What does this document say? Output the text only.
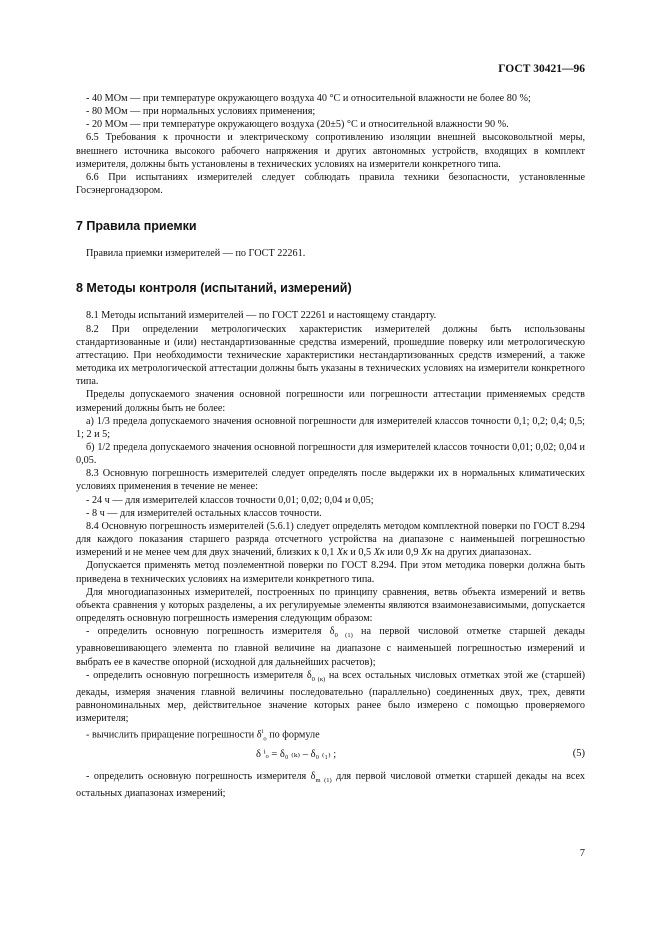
ГОСТ 30421—96

- 40 МОм — при температуре окружающего воздуха 40 °С и относительной влажности не более 80 %;

- 80 МОм — при нормальных условиях применения;

- 20 МОм — при температуре окружающего воздуха (20±5) °С и относительной влажности 90 %.

6.5 Требования к прочности и электрическому сопротивлению изоляции внешней высоковольтной меры, внешнего источника высокого рабочего напряжения и других автономных устройств, входящих в комплект измерителя, должны быть установлены в технических условиях на измерители конкретного типа.

6.6 При испытаниях измерителей следует соблюдать правила техники безопасности, установленные Госэнергонадзором.

7 Правила приемки

Правила приемки измерителей — по ГОСТ 22261.

8 Методы контроля (испытаний, измерений)

8.1 Методы испытаний измерителей — по ГОСТ 22261 и настоящему стандарту.

8.2 При определении метрологических характеристик измерителей должны быть использованы стандартизованные и (или) нестандартизованные средства измерений, прошедшие поверку или метрологическую аттестацию. При необходимости технические характеристики нестандартизованных средств измерений, а также методика их метрологической аттестации должны быть указаны в технических условиях на измерители конкретного типа.

Пределы допускаемого значения основной погрешности или погрешности аттестации применяемых средств измерений должны быть не более:

а) 1/3 предела допускаемого значения основной погрешности для измерителей классов точности 0,1; 0,2; 0,4; 0,5; 1; 2 и 5;

б) 1/2 предела допускаемого значения основной погрешности для измерителей классов точности 0,01; 0,02; 0,04 и 0,05.

8.3 Основную погрешность измерителей следует определять после выдержки их в нормальных климатических условиях применения в течение не менее:

- 24 ч — для измерителей классов точности 0,01; 0,02; 0,04 и 0,05;

- 8 ч — для измерителей остальных классов точности.

8.4 Основную погрешность измерителей (5.6.1) следует определять методом комплектной поверки по ГОСТ 8.294 для каждого показания старшего разряда отсчетного устройства на диапазоне с наименьшей погрешностью измерений и не менее чем для двух значений, близких к 0,1 Хк и 0,5 Хк или 0,9 Хк на других диапазонах.

Допускается применять метод поэлементной поверки по ГОСТ 8.294. При этом методика поверки должна быть приведена в технических условиях на измерители конкретного типа.

Для многодиапазонных измерителей, построенных по принципу сравнения, ветвь объекта измерений и ветвь объекта сравнения у которых разделены, а их регулируемые элементы являются взаимонезависимыми, допускается определять основную погрешность измерения следующим образом:

- определить основную погрешность измерителя $\delta_{0 (1)}$ на первой числовой отметке старшей декады уравновешивающего элемента по главной величине на диапазоне с наименьшей погрешностью измерений и выбрать ее в качестве опорной (исходной для дальнейших расчетов);

- определить основную погрешность измерителя $\delta_{0 (к)}$ на всех остальных числовых отметках этой же (старшей) декады, измеряя значения главной величины последовательно (параллельно) соединенных двух, трех, девяти равнономинальных мер, действительное значение которых ранее было измерено с помощью проверяемого измерителя;

- вычислить приращение погрешности $\delta^i_о$ по формуле

δ ⁱₒ = δ₀ ₍ₖ₎ – δ₀ ₍₁₎ ;	(5)

- определить основную погрешность измерителя $\delta_{m (1)}$ для первой числовой отметки старшей декады на всех остальных диапазонах измерений;

7
